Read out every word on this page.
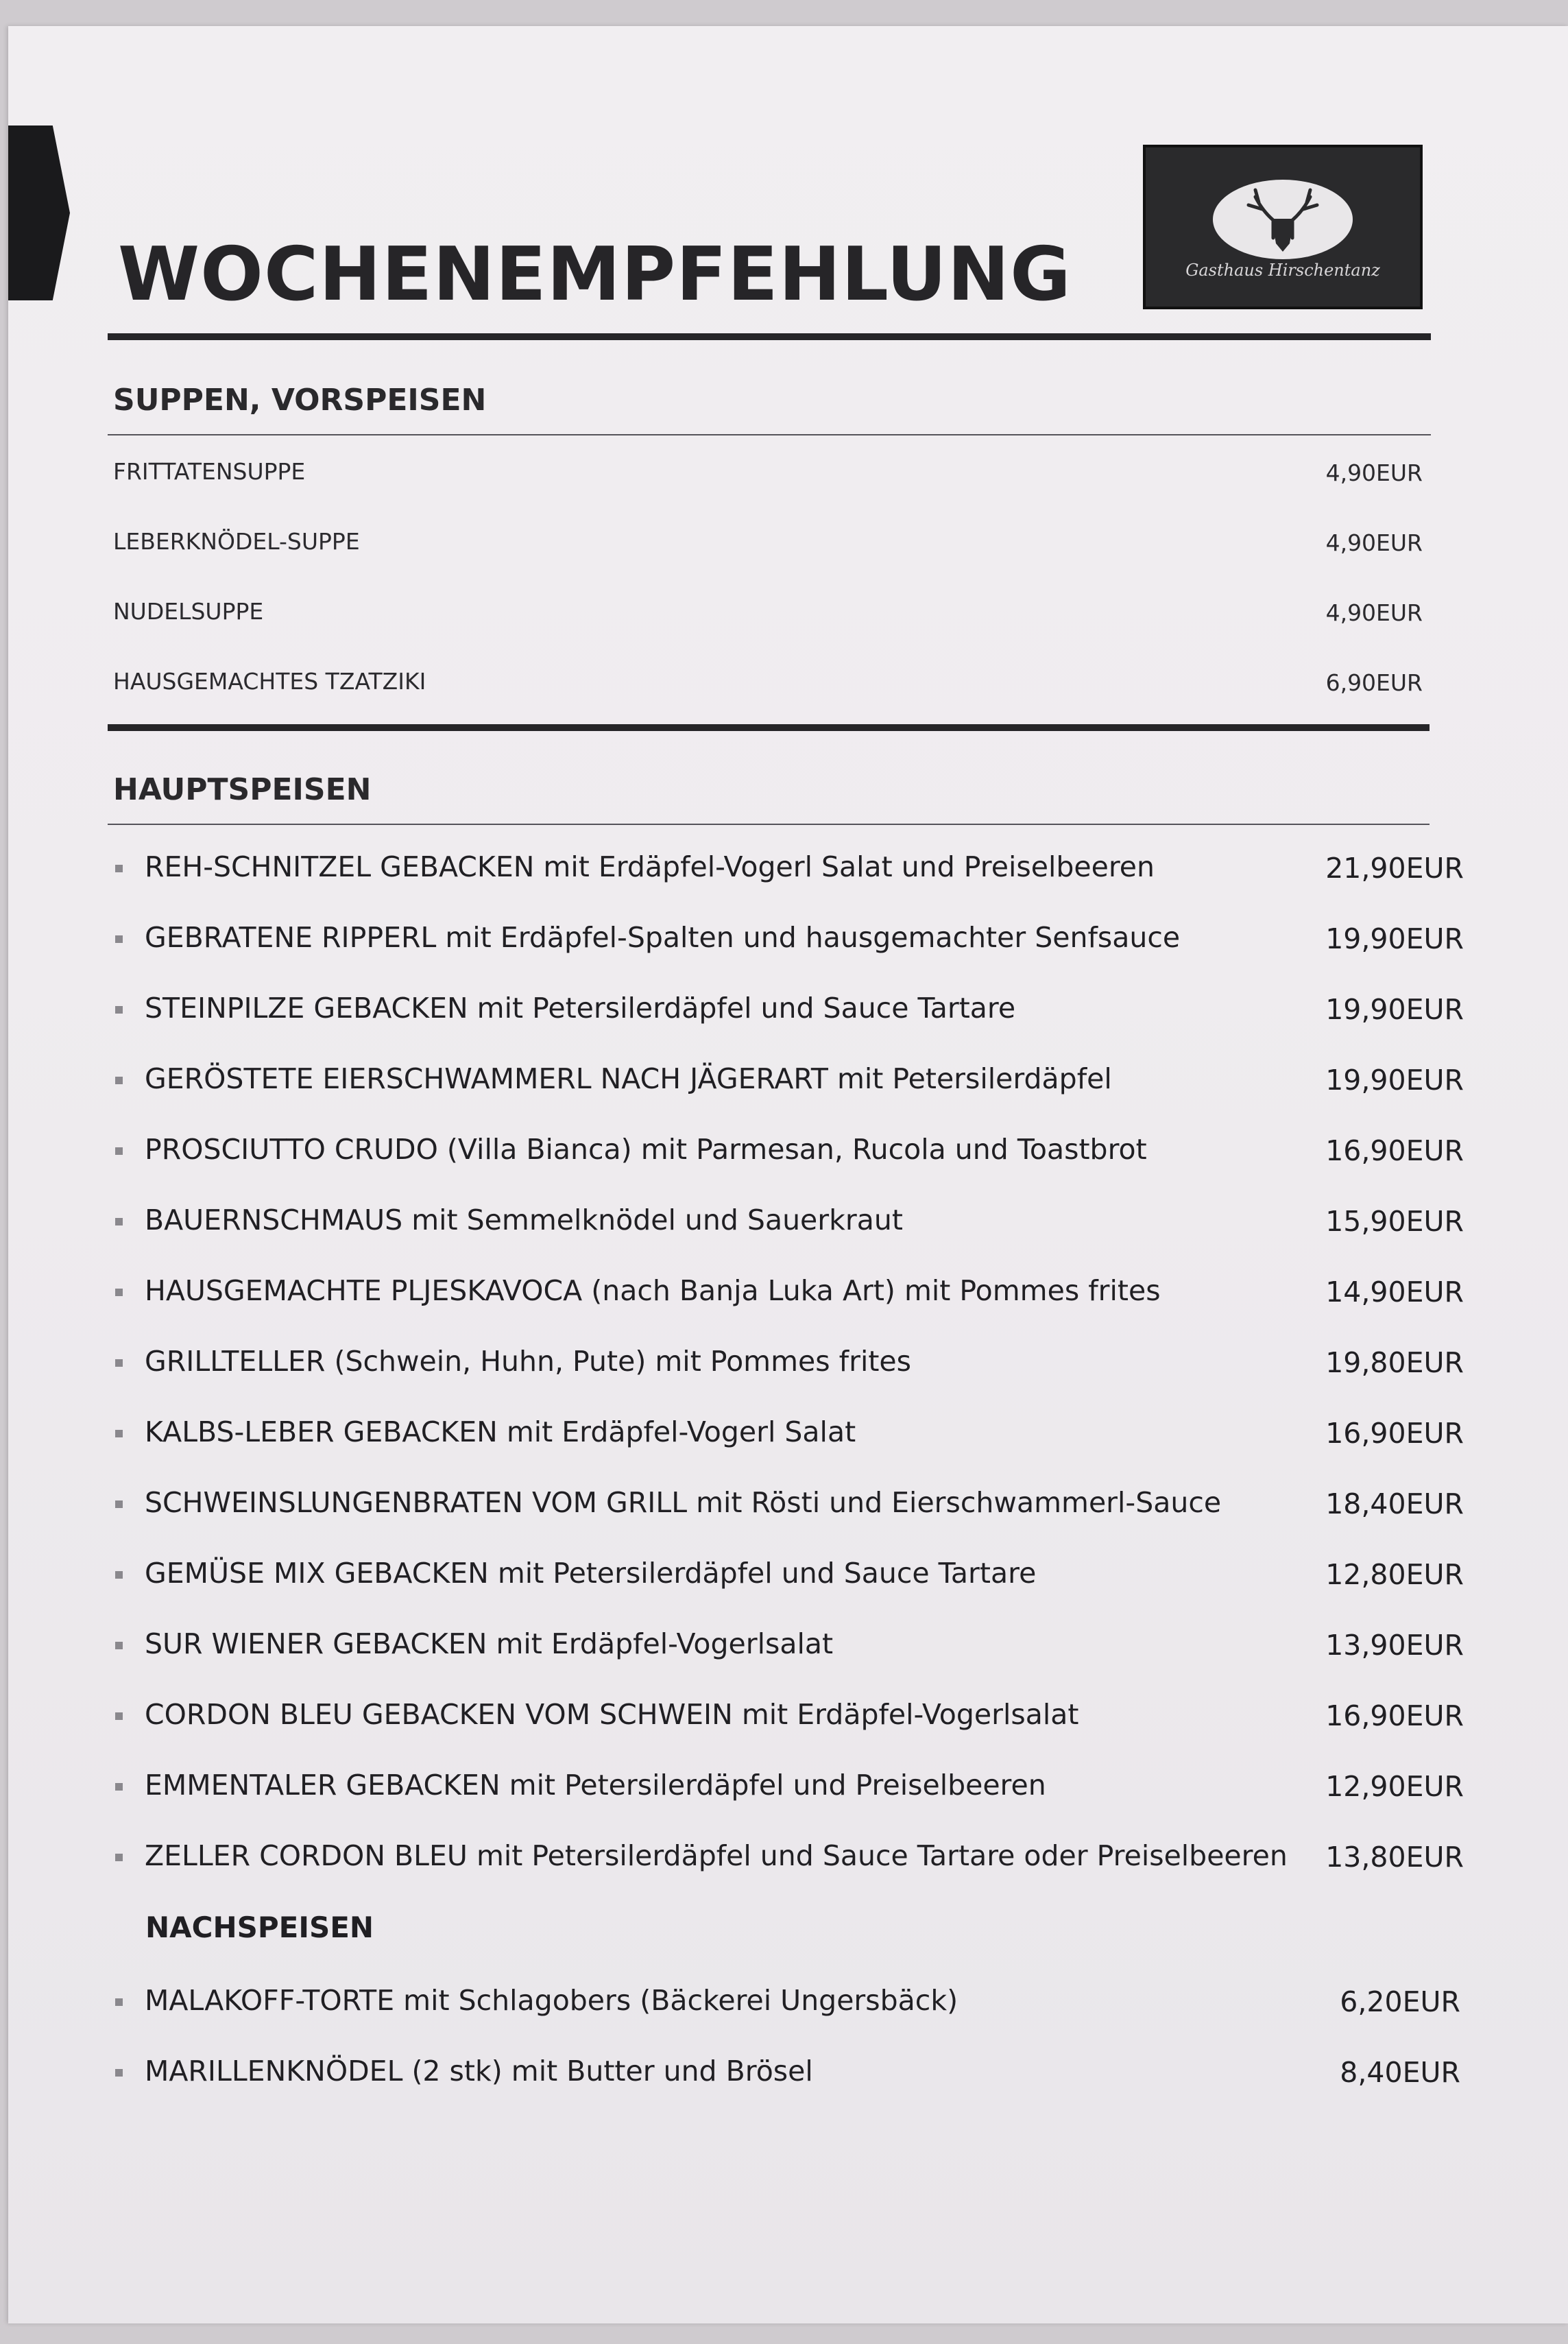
WOCHENEMPFEHLUNG	Gasthaus Hirschentanz
SUPPEN, VORSPEISEN
FRITTATENSUPPE	4,90EUR
LEBERKNÖDEL-SUPPE	4,90EUR
NUDELSUPPE	4,90EUR
HAUSGEMACHTES TZATZIKI	6,90EUR
HAUPTSPEISEN
REH-SCHNITZEL GEBACKEN mit Erdäpfel-Vogerl Salat und Preiselbeeren	21,90EUR
GEBRATENE RIPPERL mit Erdäpfel-Spalten und hausgemachter Senfsauce	19,90EUR
STEINPILZE GEBACKEN mit Petersilerdäpfel und Sauce Tartare	19,90EUR
GERÖSTETE EIERSCHWAMMERL NACH JÄGERART mit Petersilerdäpfel	19,90EUR
PROSCIUTTO CRUDO (Villa Bianca) mit Parmesan, Rucola und Toastbrot	16,90EUR
BAUERNSCHMAUS mit Semmelknödel und Sauerkraut	15,90EUR
HAUSGEMACHTE PLJESKAVOCA (nach Banja Luka Art) mit Pommes frites	14,90EUR
GRILLTELLER (Schwein, Huhn, Pute) mit Pommes frites	19,80EUR
KALBS-LEBER GEBACKEN mit Erdäpfel-Vogerl Salat	16,90EUR
SCHWEINSLUNGENBRATEN VOM GRILL mit Rösti und Eierschwammerl-Sauce	18,40EUR
GEMÜSE MIX GEBACKEN mit Petersilerdäpfel und Sauce Tartare	12,80EUR
SUR WIENER GEBACKEN mit Erdäpfel-Vogerlsalat	13,90EUR
CORDON BLEU GEBACKEN VOM SCHWEIN mit Erdäpfel-Vogerlsalat	16,90EUR
EMMENTALER GEBACKEN mit Petersilerdäpfel und Preiselbeeren	12,90EUR
ZELLER CORDON BLEU mit Petersilerdäpfel und Sauce Tartare oder Preiselbeeren 13,80EUR
NACHSPEISEN
MALAKOFF-TORTE mit Schlagobers (Bäckerei Ungersbäck)	6,20EUR
MARILLENKNÖDEL (2 stk) mit Butter und Brösel	8,40EUR
